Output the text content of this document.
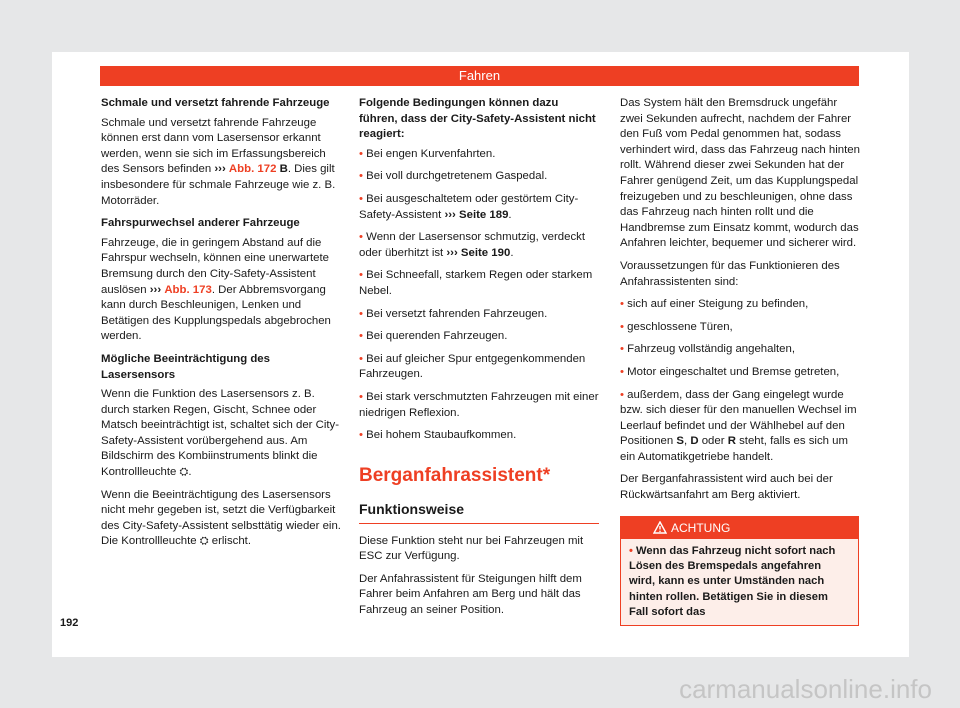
Fahren

Schmale und versetzt fahrende Fahrzeuge

Schmale und versetzt fahrende Fahrzeuge können erst dann vom Lasersensor erkannt werden, wenn sie sich im Erfassungsbereich des Sensors befinden ››› Abb. 172 B. Dies gilt insbesondere für schmale Fahrzeuge wie z. B. Motorräder.

Fahrspurwechsel anderer Fahrzeuge

Fahrzeuge, die in geringem Abstand auf die Fahrspur wechseln, können eine unerwartete Bremsung durch den City-Safety-Assistent auslösen ››› Abb. 173. Der Abbremsvorgang kann durch Beschleunigen, Lenken und Betätigen des Kupplungspedals abgebrochen werden.

Mögliche Beeinträchtigung des Lasersensors

Wenn die Funktion des Lasersensors z. B. durch starken Regen, Gischt, Schnee oder Matsch beeinträchtigt ist, schaltet sich der City-Safety-Assistent vorübergehend aus. Am Bildschirm des Kombiinstruments blinkt die Kontrollleuchte ⛭.

Wenn die Beeinträchtigung des Lasersensors nicht mehr gegeben ist, setzt die Verfügbarkeit des City-Safety-Assistent selbsttätig wieder ein. Die Kontrollleuchte ⛭ erlischt.

Folgende Bedingungen können dazu führen, dass der City-Safety-Assistent nicht reagiert:

• Bei engen Kurvenfahrten.

• Bei voll durchgetretenem Gaspedal.

• Bei ausgeschaltetem oder gestörtem City-Safety-Assistent ››› Seite 189.

• Wenn der Lasersensor schmutzig, verdeckt oder überhitzt ist ››› Seite 190.

• Bei Schneefall, starkem Regen oder starkem Nebel.

• Bei versetzt fahrenden Fahrzeugen.

• Bei querenden Fahrzeugen.

• Bei auf gleicher Spur entgegenkommenden Fahrzeugen.

• Bei stark verschmutzten Fahrzeugen mit einer niedrigen Reflexion.

• Bei hohem Staubaufkommen.

Berganfahrassistent*
Funktionsweise

Diese Funktion steht nur bei Fahrzeugen mit ESC zur Verfügung.

Der Anfahrassistent für Steigungen hilft dem Fahrer beim Anfahren am Berg und hält das Fahrzeug an seiner Position.

Das System hält den Bremsdruck ungefähr zwei Sekunden aufrecht, nachdem der Fahrer den Fuß vom Pedal genommen hat, sodass verhindert wird, dass das Fahrzeug nach hinten rollt. Während dieser zwei Sekunden hat der Fahrer genügend Zeit, um das Kupplungspedal freizugeben und zu beschleunigen, ohne dass das Fahrzeug nach hinten rollt und die Handbremse zum Einsatz kommt, wodurch das Anfahren leichter, bequemer und sicherer wird.

Voraussetzungen für das Funktionieren des Anfahrassistenten sind:

• sich auf einer Steigung zu befinden,

• geschlossene Türen,

• Fahrzeug vollständig angehalten,

• Motor eingeschaltet und Bremse getreten,

• außerdem, dass der Gang eingelegt wurde bzw. sich dieser für den manuellen Wechsel im Leerlauf befindet und der Wählhebel auf den Positionen S, D oder R steht, falls es sich um ein Automatikgetriebe handelt.

Der Berganfahrassistent wird auch bei der Rückwärtsanfahrt am Berg aktiviert.

ACHTUNG
• Wenn das Fahrzeug nicht sofort nach Lösen des Bremspedals angefahren wird, kann es unter Umständen nach hinten rollen. Betätigen Sie in diesem Fall sofort das
192
carmanualsonline.info
